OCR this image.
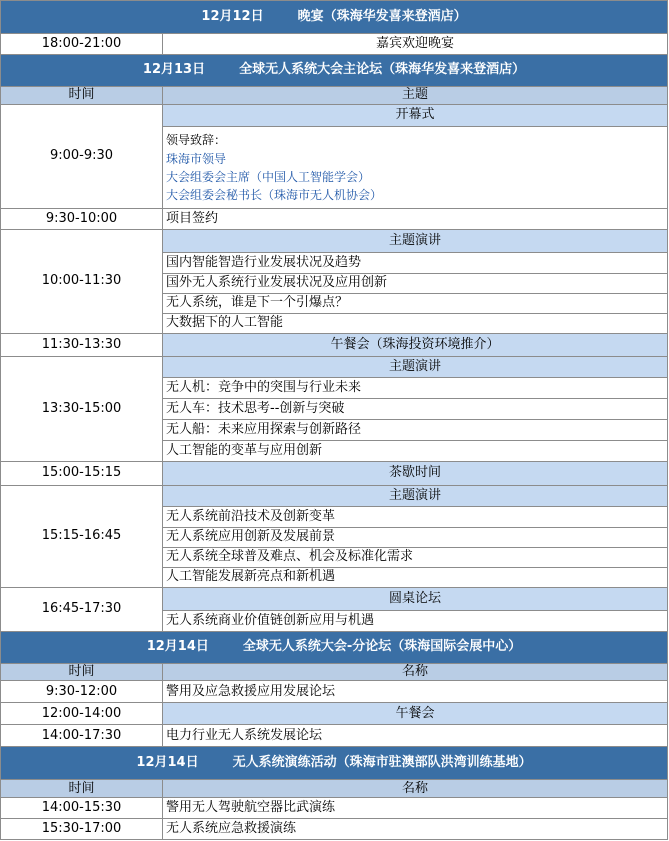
12月12日 晚宴（珠海华发喜来登酒店）	
18:00-21:00	嘉宾欢迎晚宴
12月13日 全球无人系统大会主论坛（珠海华发喜来登酒店）	
时间	主题
9:00-9:30	开幕式

	领导致辞：
珠海市领导
大会组委会主席（中国人工智能学会）
大会组委会秘书长（珠海市无人机协会）

9:30-10:00	项目签约
10:00-11:30	主题演讲
	国内智能智造行业发展状况及趋势
	国外无人系统行业发展状况及应用创新
	无人系统，谁是下一个引爆点？
	大数据下的人工智能
11:30-13:30	午餐会（珠海投资环境推介）
13:30-15:00	主题演讲
	无人机：竞争中的突围与行业未来
	无人车：技术思考--创新与突破
	无人船：未来应用探索与创新路径
	人工智能的变革与应用创新
15:00-15:15	茶歇时间
15:15-16:45	主题演讲
	无人系统前沿技术及创新变革
	无人系统应用创新及发展前景
	无人系统全球普及难点、机会及标准化需求
	人工智能发展新亮点和新机遇
16:45-17:30	圆桌论坛
	无人系统商业价值链创新应用与机遇
12月14日 全球无人系统大会-分论坛（珠海国际会展中心）	
时间	名称
9:30-12:00	警用及应急救援应用发展论坛
12:00-14:00	午餐会
14:00-17:30	电力行业无人系统发展论坛
12月14日 无人系统演练活动（珠海市驻澳部队洪湾训练基地）	
时间	名称
14:00-15:30	警用无人驾驶航空器比武演练
15:30-17:00	无人系统应急救援演练
